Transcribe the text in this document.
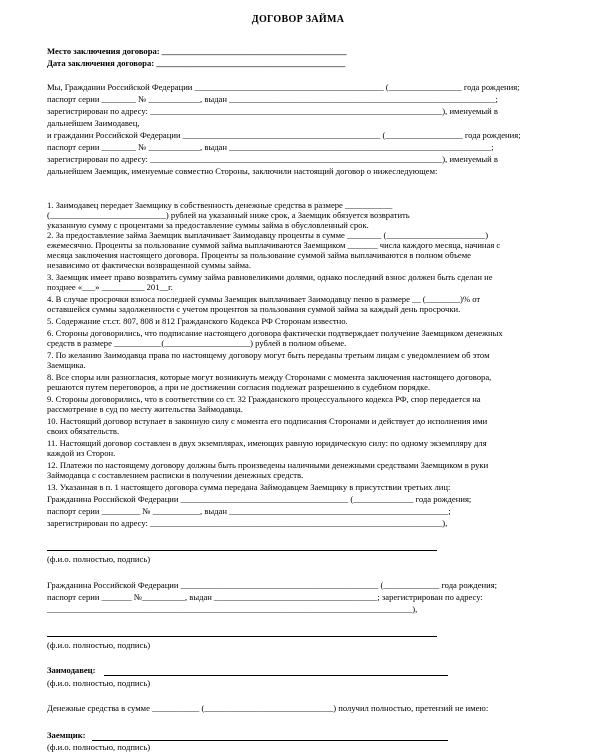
ДОГОВОР ЗАЙМА
Место заключения договора: ___________________________________________
Дата заключения договора: ____________________________________________
Мы, Граждании Российской Федерации ____________________________________________ (_________________ года рождения;
паспорт серии ________ № ____________, выдан ______________________________________________________________;
зарегистрирован по адресу: ____________________________________________________________________), именуемый в
дальнейшем Заимодавец,
и гражданин Российской Федерации ______________________________________________ (__________________ года рождения;
паспорт серии ________ № ____________, выдан _____________________________________________________________;
зарегистрирован по адресу: ____________________________________________________________________), именуемый в
дальнейшем Заемщик, именуемые совместно Стороны, заключили настоящий договор о нижеследующем:
1. Заимодавец передает Заемщику в собственность денежные средства в размере ___________
(___________________________) рублей на указанный ниже срок, а Заемщик обязуется возвратить
указанную сумму с процентами за предоставление суммы займа в обусловленный срок.
2. За предоставление займа Заемщик выплачивает Заимодавцу проценты в сумме ________ (_______________________)
ежемесячно. Проценты за пользование суммой займа выплачиваются Заемщиком _______ числа каждого месяца, начиная с
месяца заключения настоящего договора. Проценты за пользование суммой займа выплачиваются в полном объеме
независимо от фактически возвращенной суммы займа.
3. Заемщик имеет право возвратить сумму займа равновеликими долями, однако последний взнос должен быть сделан не
позднее «___» __________ 201__г.
4. В случае просрочки взноса последней суммы Заемщик выплачивает Заимодавцу пеню в размере __ (________)% от
оставшейся суммы задолженности с учетом процентов за пользования суммой займа за каждый день просрочки.
5. Содержание ст.ст. 807, 808 и 812 Гражданского Кодекса РФ Сторонам известно.
6. Стороны договорились, что подписание настоящего договора фактически подтверждает получение Заемщиком денежных
средств в размере ___________(____________________) рублей в полном объеме.
7. По желанию Заимодавца права по настоящему договору могут быть переданы третьим лицам с уведомлением об этом
Заемщика.
8. Все споры или разногласия, которые могут возникнуть между Сторонами с момента заключения настоящего договора,
решаются путем переговоров, а при не достижении согласия подлежат разрешению в судебном порядке.
9. Стороны договорились, что в соответствии со ст. 32 Гражданского процессуального кодекса РФ, спор передается на
рассмотрение в суд по месту жительства Займодавца.
10. Настоящий договор вступает в законную силу с момента его подписания Сторонами и действует до исполнения ими
своих обязательств.
11. Настоящий договор составлен в двух экземплярах, имеющих равную юридическую силу: по одному экземпляру для
каждой из Сторон.
12. Платежи по настоящему договору должны быть произведены наличными денежными средствами Заемщиком в руки
Займодавца с составлением расписки в получении денежных средств.
13. Указанная в п. 1 настоящего договора сумма передана Займодавцем Заемщику в присутствии третьих лиц:
Гражданина Российской Федерации _______________________________________ (______________ года рождения;
паспорт серии _________ № ___________, выдан ___________________________________________________;
зарегистрирован по адресу: ____________________________________________________________________),
(ф.и.о. полностью, подпись)
Гражданина Российской Федерации ______________________________________________ (_____________ года рождения;
паспорт серии _______ №__________, выдан ______________________________________; зарегистрирован по адресу:
_____________________________________________________________________________________),
(ф.и.о. полностью, подпись)
Заимодавец:
(ф.и.о. полностью, подпись)
Денежные средства в сумме ___________ (______________________________) получил полностью, претензий не имею:
Заемщик:
(ф.и.о. полностью, подпись)
